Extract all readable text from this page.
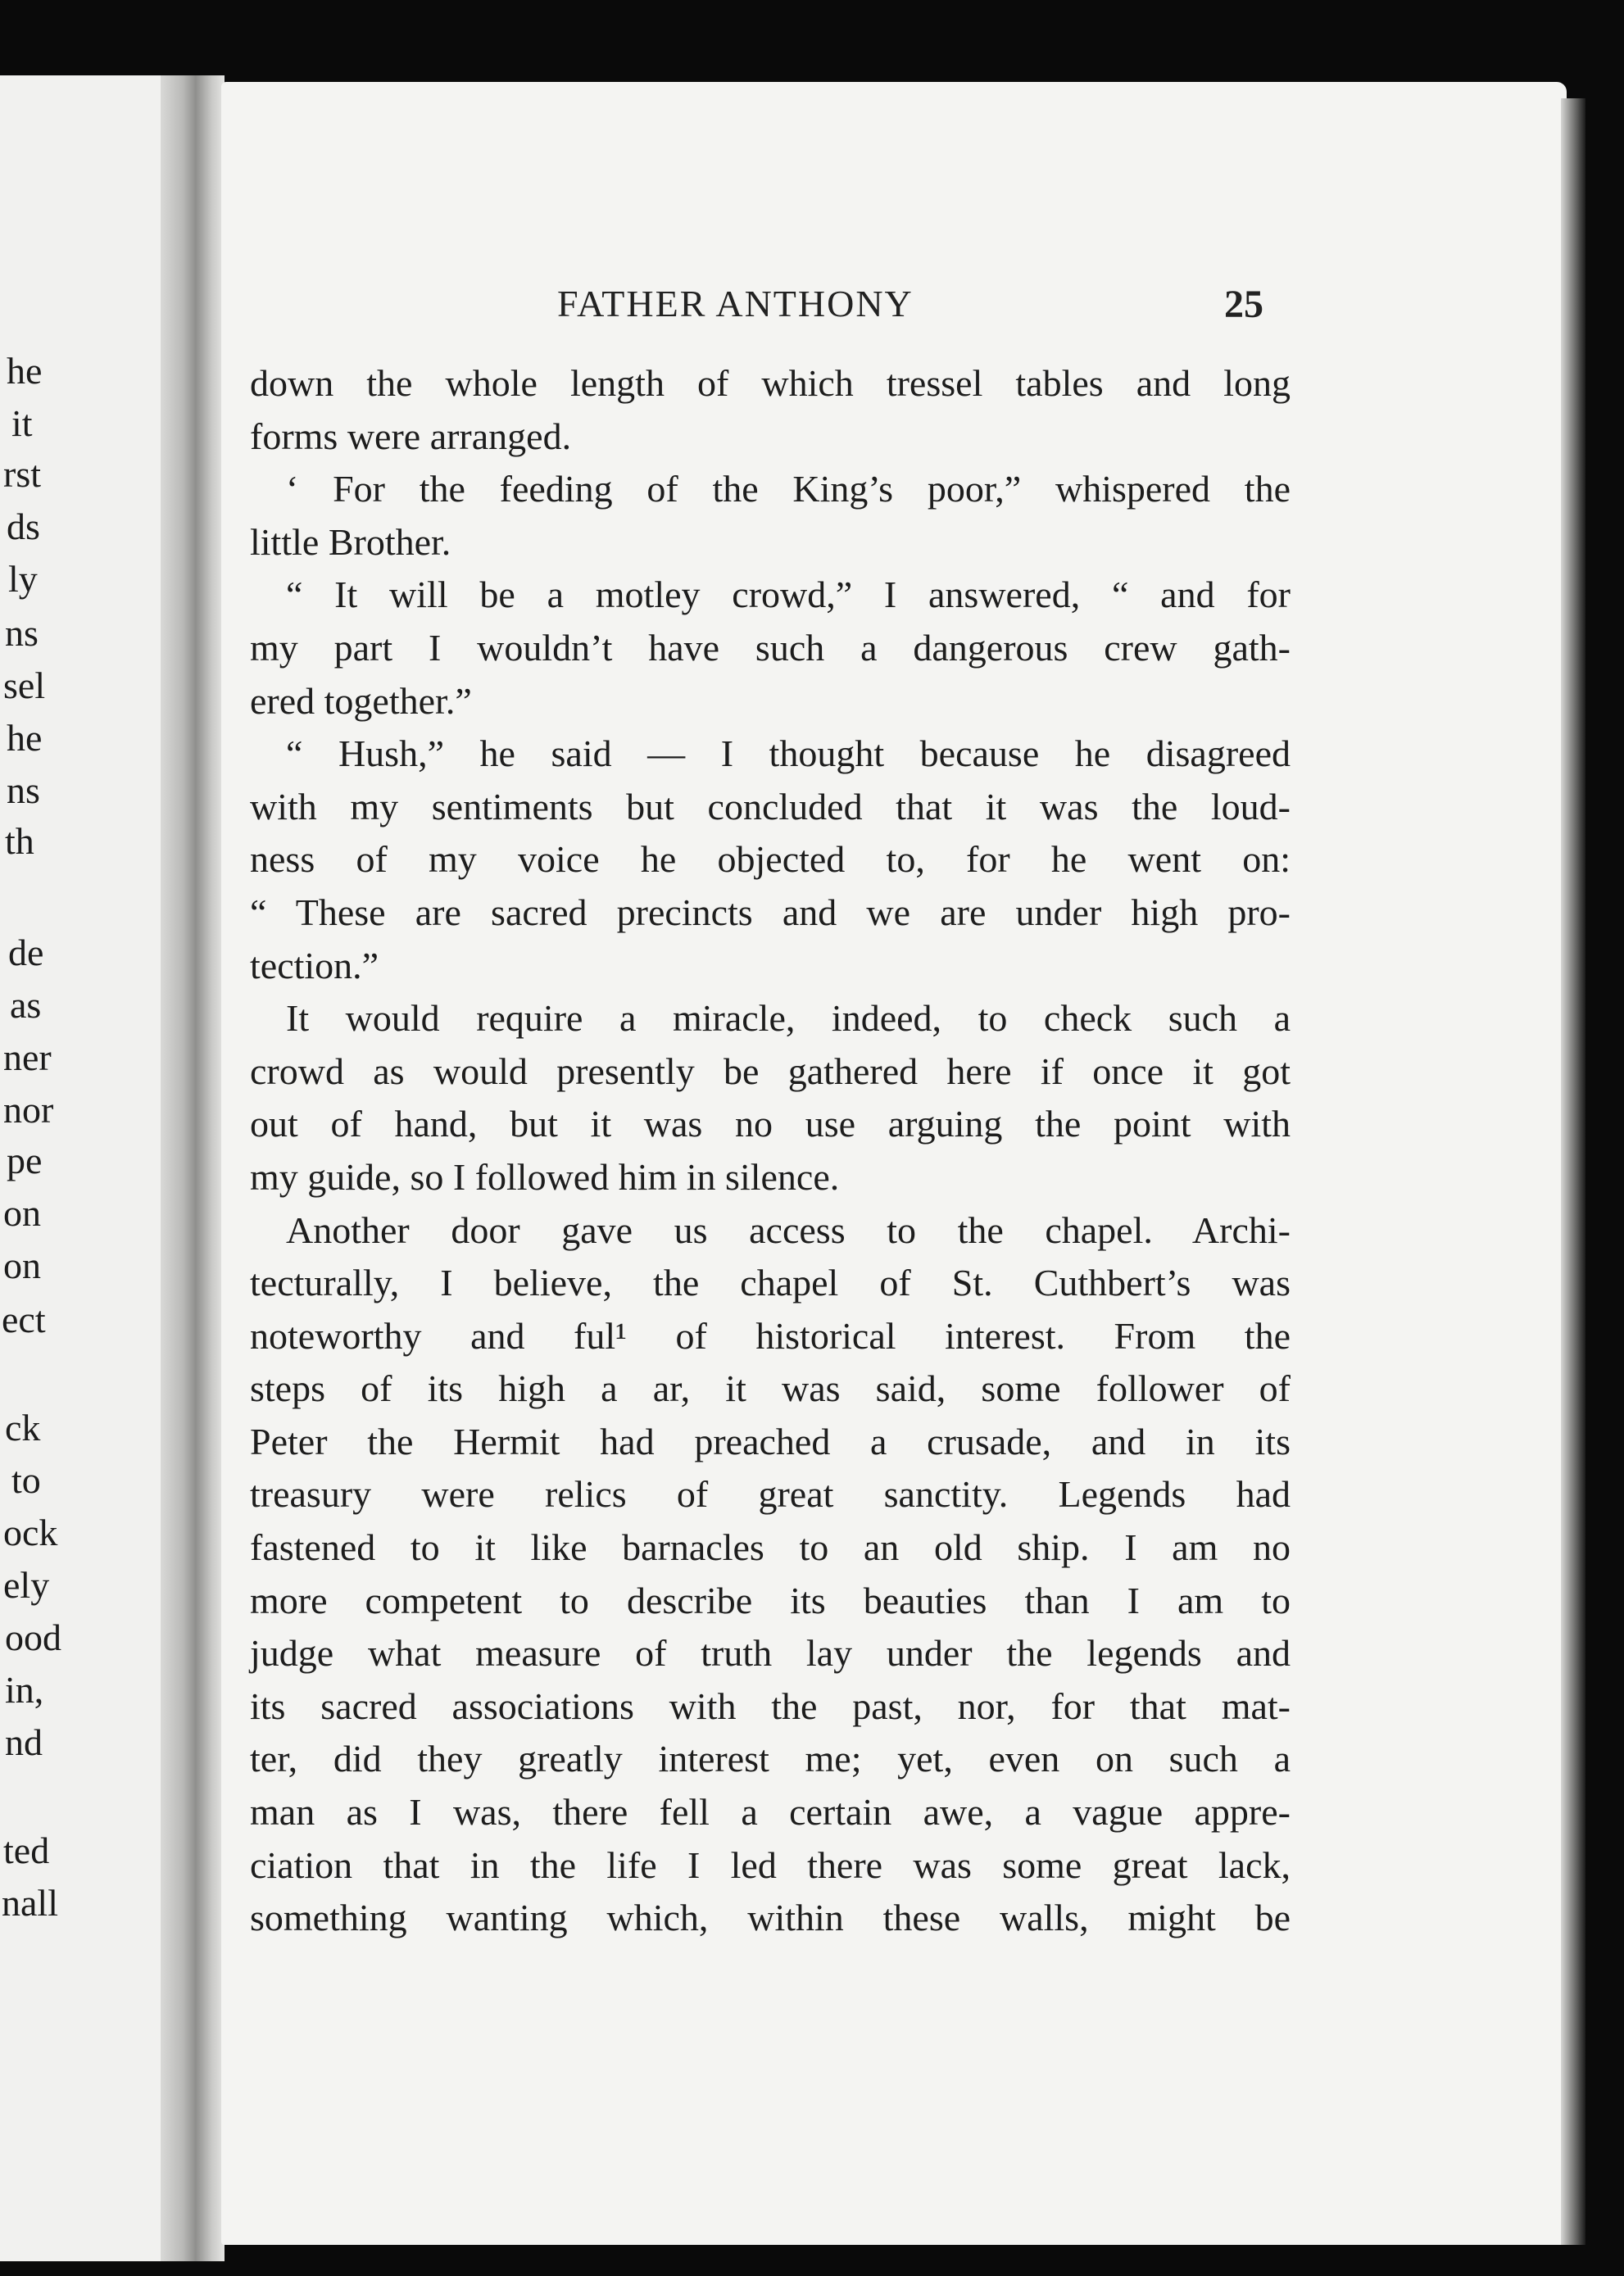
he
it
rst
ds
ly
ns
sel
he
ns
th
de
as
ner
nor
pe
on
on
ect
ck
to
ock
ely
ood
in,
nd
ted
nall
FATHER ANTHONY	25
down the whole length of which tressel tables and long
forms were arranged.
‘ For the feeding of the King’s poor,” whispered the
little Brother.
“ It will be a motley crowd,” I answered, “ and for
my part I wouldn’t have such a dangerous crew gath-
ered together.”
“ Hush,” he said — I thought because he disagreed
with my sentiments but concluded that it was the loud-
ness of my voice he objected to, for he went on:
“ These are sacred precincts and we are under high pro-
tection.”
It would require a miracle, indeed, to check such a
crowd as would presently be gathered here if once it got
out of hand, but it was no use arguing the point with
my guide, so I followed him in silence.
Another door gave us access to the chapel. Archi-
tecturally, I believe, the chapel of St. Cuthbert’s was
noteworthy and ful¹ of historical interest. From the
steps of its high a ar, it was said, some follower of
Peter the Hermit had preached a crusade, and in its
treasury were relics of great sanctity. Legends had
fastened to it like barnacles to an old ship. I am no
more competent to describe its beauties than I am to
judge what measure of truth lay under the legends and
its sacred associations with the past, nor, for that mat-
ter, did they greatly interest me; yet, even on such a
man as I was, there fell a certain awe, a vague appre-
ciation that in the life I led there was some great lack,
something wanting which, within these walls, might be
